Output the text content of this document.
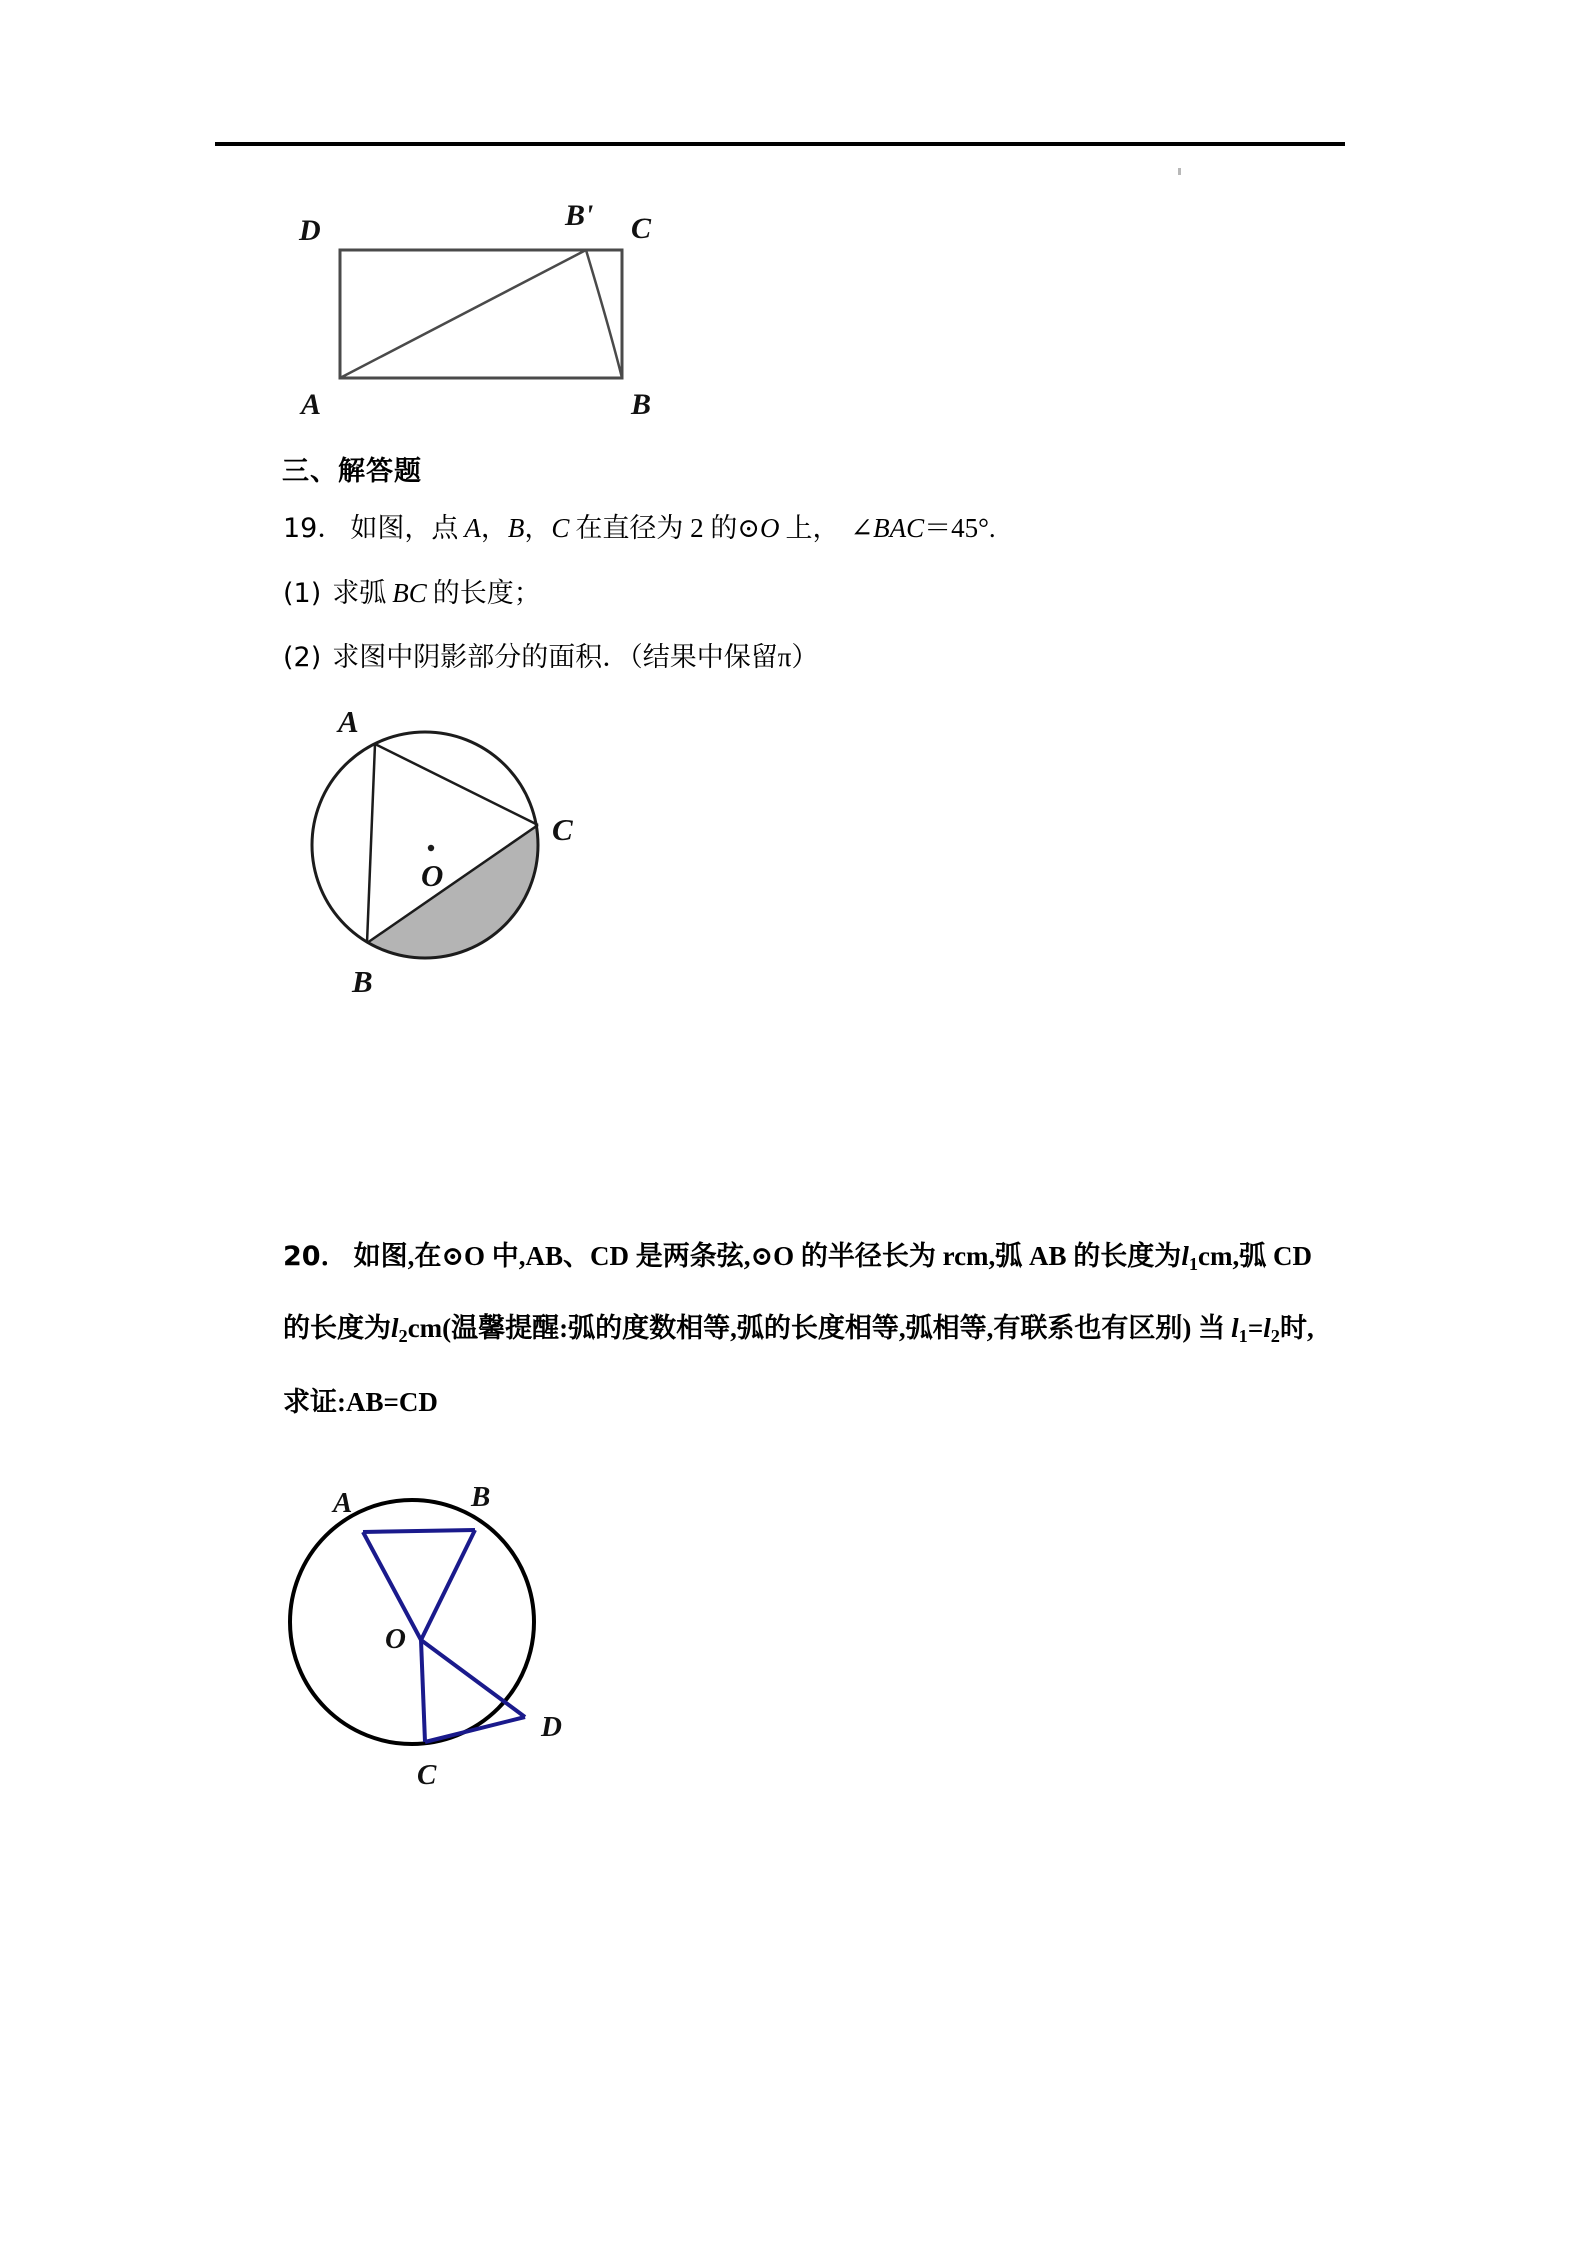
D	B' C
A	B
三、解答题
19． 如图，点 A，B，C 在直径为 2 的⊙O 上， ∠BAC＝45°.
(1) 求弧 BC 的长度；
(2) 求图中阴影部分的面积．（结果中保留π）
A
O
C
B
20． 如图,在⊙O 中,AB、CD 是两条弦,⊙O 的半径长为 rcm,弧 AB 的长度为$l_1cm$,弧 CD
的长度为$l_2cm$(温馨提醒:弧的度数相等,弧的长度相等,弧相等,有联系也有区别) 当 $l_1=l_2$时,
求证:AB=CD
A	B
O
D
C
